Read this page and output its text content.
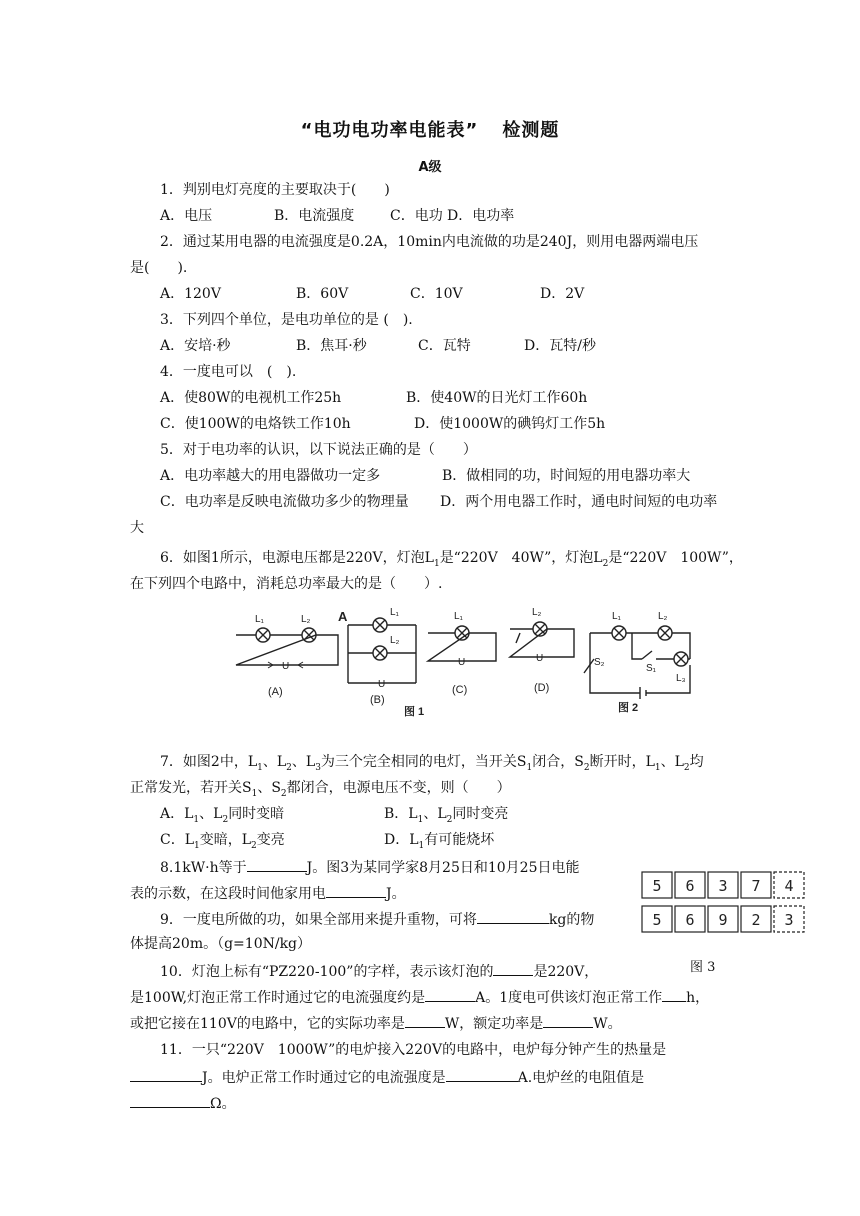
“电功电功率电能表” 检测题
A级
1．判别电灯亮度的主要取决于(　　)
A．电压	B．电流强度	C．电功 D．电功率
2．通过某用电器的电流强度是0.2A，10min内电流做的功是240J，则用电器两端电压
是(　　).
A．120V	B．60V	C．10V	D．2V
3．下列四个单位，是电功单位的是 (　).
A．安培·秒	B．焦耳·秒	C．瓦特	D．瓦特/秒
4．一度电可以　(　).
A．使80W的电视机工作25h	B．使40W的日光灯工作60h
C．使100W的电烙铁工作10h	D．使1000W的碘钨灯工作5h
5．对于电功率的认识，以下说法正确的是（　　）
A．电功率越大的用电器做功一定多	B．做相同的功，时间短的用电器功率大
C．电功率是反映电流做功多少的物理量 D．两个用电器工作时，通电时间短的电功率
大
6．如图1所示，电源电压都是220V，灯泡$L_1$是“220V　40W”，灯泡$L_2$是“220V　100W”，
在下列四个电路中，消耗总功率最大的是（　　）.
L₁	L₂
U
(A)
A	L₁
L₂
U
(B)
L₁
U
(C)
L₂
U
(D)
图 1
L₁	L₂
L₃
S₁
S₂
图 2
7．如图2中，$L_1$、$L_2$、$L_3$为三个完全相同的电灯，当开关$S_1$闭合，$S_2$断开时，$L_1$、$L_2$均
正常发光，若开关$S_1$、$S_2$都闭合，电源电压不变，则（　　）
A．$L_1$、$L_2$同时变暗	B．$L_1$、$L_2$同时变亮
C．$L_1$变暗，$L_2$变亮	D．$L_1$有可能烧坏
8.1kW·h等于	J。图3为某同学家8月25日和10月25日电能
表的示数，在这段时间他家用电	J。	5 6 3 7 4
5 6 9 2 3
图 3
9．一度电所做的功，如果全部用来提升重物，可将	kg的物
体提高20m。（g=10N/kg）
10．灯泡上标有“PZ220-100”的字样，表示该灯泡的	是220V，
是100W,灯泡正常工作时通过它的电流强度约是	A。1度电可供该灯泡正常工作 h，
或把它接在110V的电路中，它的实际功率是	W，额定功率是	W。
11．一只“220V　1000W”的电炉接入220V的电路中，电炉每分钟产生的热量是
J。电炉正常工作时通过它的电流强度是	A.电炉丝的电阻值是
Ω。
